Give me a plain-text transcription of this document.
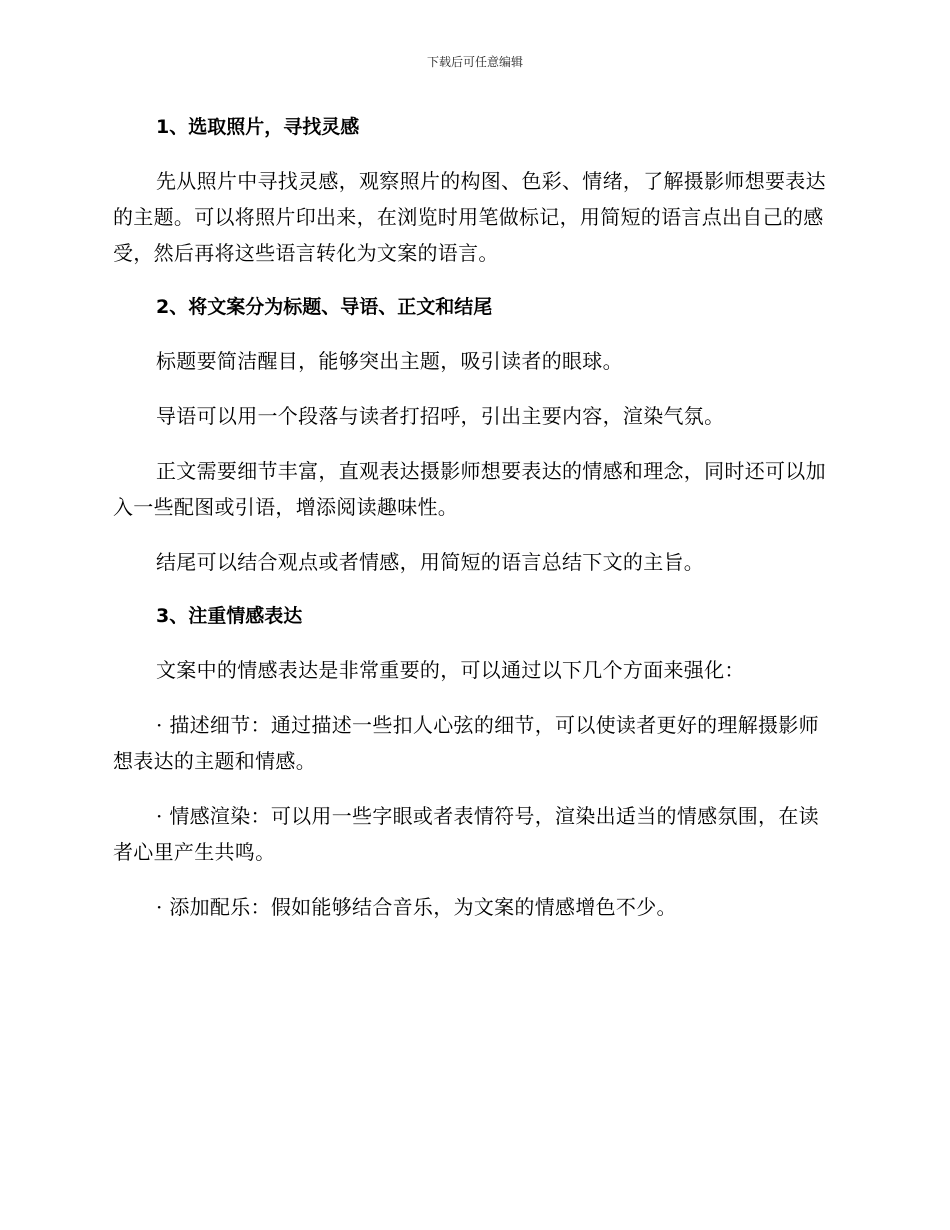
下载后可任意编辑
1、选取照片，寻找灵感

先从照片中寻找灵感，观察照片的构图、色彩、情绪，了解摄影师想要表达的主题。可以将照片印出来，在浏览时用笔做标记，用简短的语言点出自己的感受，然后再将这些语言转化为文案的语言。

2、将文案分为标题、导语、正文和结尾

标题要简洁醒目，能够突出主题，吸引读者的眼球。

导语可以用一个段落与读者打招呼，引出主要内容，渲染气氛。

正文需要细节丰富，直观表达摄影师想要表达的情感和理念，同时还可以加入一些配图或引语，增添阅读趣味性。

结尾可以结合观点或者情感，用简短的语言总结下文的主旨。

3、注重情感表达

文案中的情感表达是非常重要的，可以通过以下几个方面来强化：

· 描述细节：通过描述一些扣人心弦的细节，可以使读者更好的理解摄影师想表达的主题和情感。

· 情感渲染：可以用一些字眼或者表情符号，渲染出适当的情感氛围，在读者心里产生共鸣。

· 添加配乐：假如能够结合音乐，为文案的情感增色不少。
